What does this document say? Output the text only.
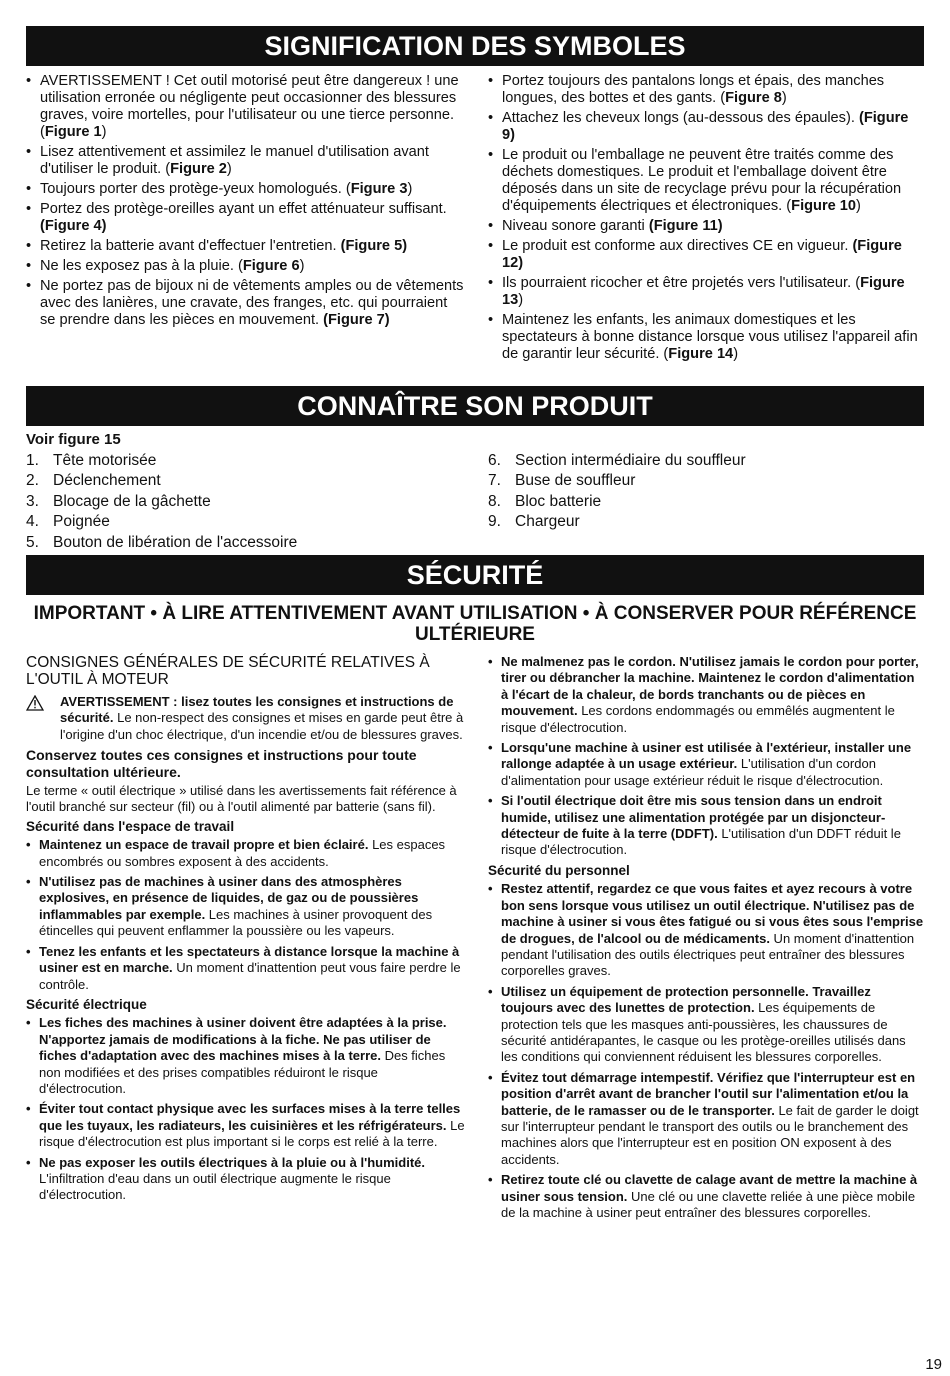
SIGNIFICATION DES SYMBOLES
• AVERTISSEMENT ! Cet outil motorisé peut être dangereux ! une utilisation erronée ou négligente peut occasionner des blessures graves, voire mortelles, pour l'utilisateur ou une tierce personne. (Figure 1)
• Lisez attentivement et assimilez le manuel d'utilisation avant d'utiliser le produit. (Figure 2)
• Toujours porter des protège-yeux homologués. (Figure 3)
• Portez des protège-oreilles ayant un effet atténuateur suffisant. (Figure 4)
• Retirez la batterie avant d'effectuer l'entretien. (Figure 5)
• Ne les exposez pas à la pluie. (Figure 6)
• Ne portez pas de bijoux ni de vêtements amples ou de vêtements avec des lanières, une cravate, des franges, etc. qui pourraient se prendre dans les pièces en mouvement. (Figure 7)
• Portez toujours des pantalons longs et épais, des manches longues, des bottes et des gants. (Figure 8)
• Attachez les cheveux longs (au-dessous des épaules). (Figure 9)
• Le produit ou l'emballage ne peuvent être traités comme des déchets domestiques. Le produit et l'emballage doivent être déposés dans un site de recyclage prévu pour la récupération d'équipements électriques et électroniques. (Figure 10)
• Niveau sonore garanti (Figure 11)
• Le produit est conforme aux directives CE en vigueur. (Figure 12)
• Ils pourraient ricocher et être projetés vers l'utilisateur. (Figure 13)
• Maintenez les enfants, les animaux domestiques et les spectateurs à bonne distance lorsque vous utilisez l'appareil afin de garantir leur sécurité. (Figure 14)
CONNAÎTRE SON PRODUIT
Voir figure 15
1. Tête motorisée
2. Déclenchement
3. Blocage de la gâchette
4. Poignée
5. Bouton de libération de l'accessoire
6. Section intermédiaire du souffleur
7. Buse de souffleur
8. Bloc batterie
9. Chargeur
SÉCURITÉ
IMPORTANT • À LIRE ATTENTIVEMENT AVANT UTILISATION • À CONSERVER POUR RÉFÉRENCE ULTÉRIEURE
CONSIGNES GÉNÉRALES DE SÉCURITÉ RELATIVES À L'OUTIL À MOTEUR
AVERTISSEMENT : lisez toutes les consignes et instructions de sécurité. Le non-respect des consignes et mises en garde peut être à l'origine d'un choc électrique, d'un incendie et/ou de blessures graves.

Conservez toutes ces consignes et instructions pour toute consultation ultérieure.

Le terme « outil électrique » utilisé dans les avertissements fait référence à l'outil branché sur secteur (fil) ou à l'outil alimenté par batterie (sans fil).

Sécurité dans l'espace de travail
• Maintenez un espace de travail propre et bien éclairé. Les espaces encombrés ou sombres exposent à des accidents.
• N'utilisez pas de machines à usiner dans des atmosphères explosives, en présence de liquides, de gaz ou de poussières inflammables par exemple. Les machines à usiner provoquent des étincelles qui peuvent enflammer la poussière ou les vapeurs.
• Tenez les enfants et les spectateurs à distance lorsque la machine à usiner est en marche. Un moment d'inattention peut vous faire perdre le contrôle.
Sécurité électrique
• Les fiches des machines à usiner doivent être adaptées à la prise. N'apportez jamais de modifications à la fiche. Ne pas utiliser de fiches d'adaptation avec des machines mises à la terre. Des fiches non modifiées et des prises compatibles réduiront le risque d'électrocution.
• Éviter tout contact physique avec les surfaces mises à la terre telles que les tuyaux, les radiateurs, les cuisinières et les réfrigérateurs. Le risque d'électrocution est plus important si le corps est relié à la terre.
• Ne pas exposer les outils électriques à la pluie ou à l'humidité. L'infiltration d'eau dans un outil électrique augmente le risque d'électrocution.
• Ne malmenez pas le cordon. N'utilisez jamais le cordon pour porter, tirer ou débrancher la machine. Maintenez le cordon d'alimentation à l'écart de la chaleur, de bords tranchants ou de pièces en mouvement. Les cordons endommagés ou emmêlés augmentent le risque d'électrocution.
• Lorsqu'une machine à usiner est utilisée à l'extérieur, installer une rallonge adaptée à un usage extérieur. L'utilisation d'un cordon d'alimentation pour usage extérieur réduit le risque d'électrocution.
• Si l'outil électrique doit être mis sous tension dans un endroit humide, utilisez une alimentation protégée par un disjoncteur-détecteur de fuite à la terre (DDFT). L'utilisation d'un DDFT réduit le risque d'électrocution.
Sécurité du personnel
• Restez attentif, regardez ce que vous faites et ayez recours à votre bon sens lorsque vous utilisez un outil électrique. N'utilisez pas de machine à usiner si vous êtes fatigué ou si vous êtes sous l'emprise de drogues, de l'alcool ou de médicaments. Un moment d'inattention pendant l'utilisation des outils électriques peut entraîner des blessures corporelles graves.
• Utilisez un équipement de protection personnelle. Travaillez toujours avec des lunettes de protection. Les équipements de protection tels que les masques anti-poussières, les chaussures de sécurité antidérapantes, le casque ou les protège-oreilles utilisés dans les conditions qui conviennent réduisent les blessures corporelles.
• Évitez tout démarrage intempestif. Vérifiez que l'interrupteur est en position d'arrêt avant de brancher l'outil sur l'alimentation et/ou la batterie, de le ramasser ou de le transporter. Le fait de garder le doigt sur l'interrupteur pendant le transport des outils ou le branchement des machines alors que l'interrupteur est en position ON exposent à des accidents.
• Retirez toute clé ou clavette de calage avant de mettre la machine à usiner sous tension. Une clé ou une clavette reliée à une pièce mobile de la machine à usiner peut entraîner des blessures corporelles.
19
